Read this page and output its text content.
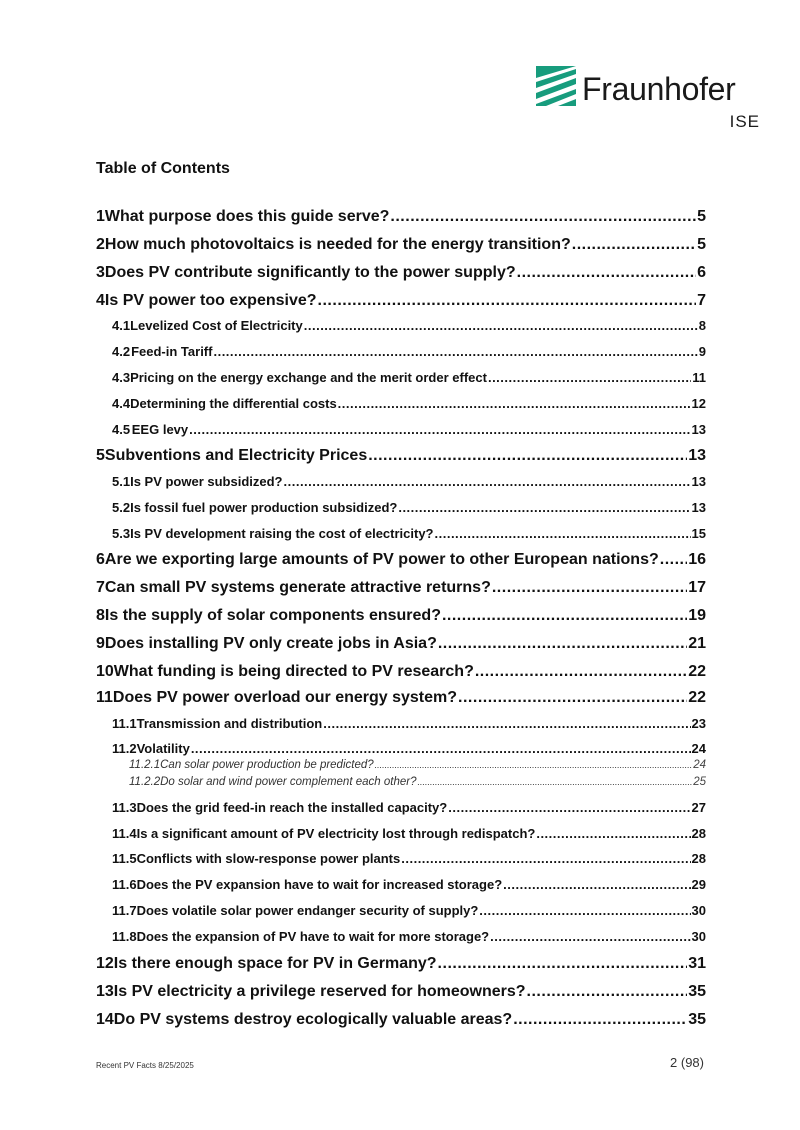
Fraunhofer
ISE
Table of Contents
1 What purpose does this guide serve? .....	5
2 How much photovoltaics is needed for the energy transition? .....	5
3 Does PV contribute significantly to the power supply? .....	6
4 Is PV power too expensive? .....	7
4.1 Levelized Cost of Electricity .....	8
4.2 Feed-in Tariff .....	9
4.3 Pricing on the energy exchange and the merit order effect .....	11
4.4 Determining the differential costs .....	12
4.5 EEG levy .....	13
5 Subventions and Electricity Prices .....	13
5.1 Is PV power subsidized? .....	13
5.2 Is fossil fuel power production subsidized? .....	13
5.3 Is PV development raising the cost of electricity? .....	15
6 Are we exporting large amounts of PV power to other European nations? ..... 16
7 Can small PV systems generate attractive returns? .....	17
8 Is the supply of solar components ensured? .....	19
9 Does installing PV only create jobs in Asia? .....	21
10 What funding is being directed to PV research? .....	22
11 Does PV power overload our energy system? .....	22
11.1 Transmission and distribution .....	23
11.2 Volatility .....	24
11.2.1 Can solar power production be predicted? .....	24
11.2.2 Do solar and wind power complement each other? .....	25
11.3 Does the grid feed-in reach the installed capacity? .....	27
11.4 Is a significant amount of PV electricity lost through redispatch? .....	28
11.5 Conflicts with slow-response power plants .....	28
11.6 Does the PV expansion have to wait for increased storage? .....	29
11.7 Does volatile solar power endanger security of supply? .....	30
11.8 Does the expansion of PV have to wait for more storage? .....	30
12 Is there enough space for PV in Germany? .....	31
13 Is PV electricity a privilege reserved for homeowners? .....	35
14 Do PV systems destroy ecologically valuable areas? .....	35
Recent PV Facts 8/25/2025	2 (98)
